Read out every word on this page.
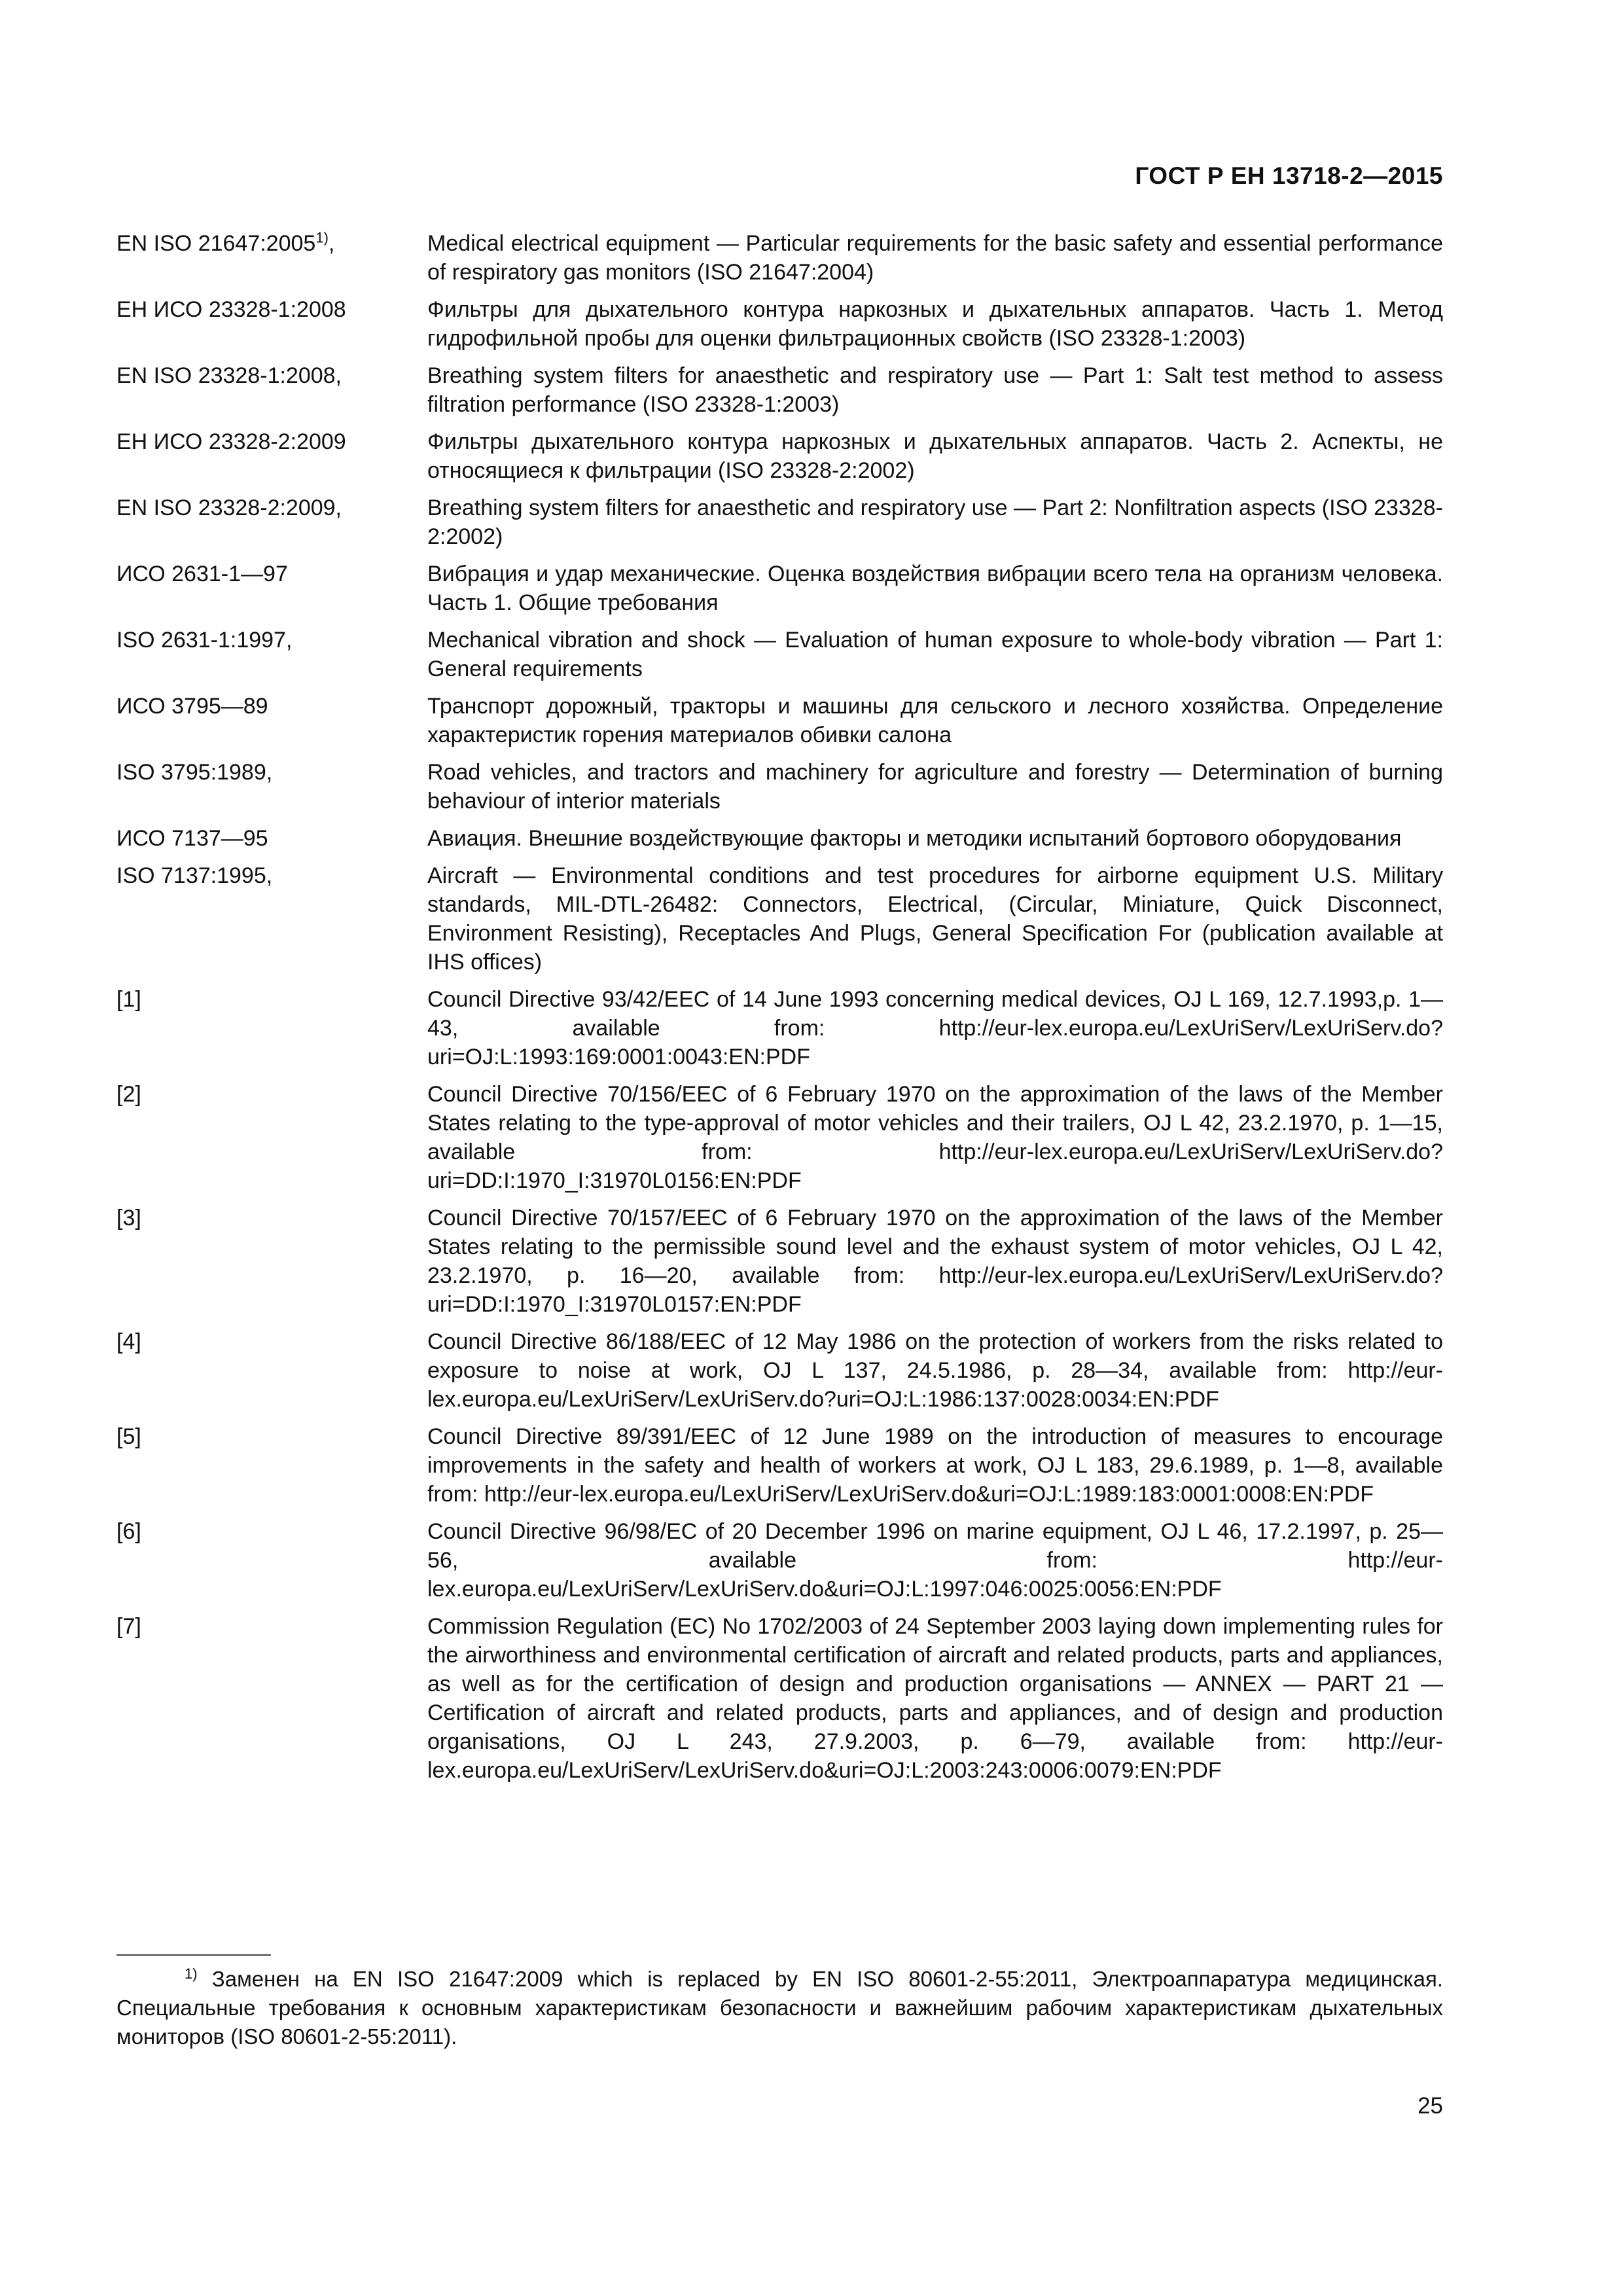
ГОСТ Р ЕН 13718-2—2015
EN ISO 21647:2005$^{1)}$,	Medical electrical equipment — Particular requirements for the basic safety and essential performance of respiratory gas monitors (ISO 21647:2004)
ЕН ИСО 23328-1:2008	Фильтры для дыхательного контура наркозных и дыхательных аппаратов. Часть 1. Метод гидрофильной пробы для оценки фильтрационных свойств (ISO 23328-1:2003)
EN ISO 23328-1:2008,	Breathing system filters for anaesthetic and respiratory use — Part 1: Salt test method to assess filtration performance (ISO 23328-1:2003)
ЕН ИСО 23328-2:2009	Фильтры дыхательного контура наркозных и дыхательных аппаратов. Часть 2. Аспекты, не относящиеся к фильтрации (ISO 23328-2:2002)
EN ISO 23328-2:2009,	Breathing system filters for anaesthetic and respiratory use — Part 2: Nonfiltration aspects (ISO 23328-2:2002)
ИСО 2631-1—97	Вибрация и удар механические. Оценка воздействия вибрации всего тела на организм человека. Часть 1. Общие требования
ISO 2631-1:1997,	Mechanical vibration and shock — Evaluation of human exposure to whole-body vibration — Part 1: General requirements
ИСО 3795—89	Транспорт дорожный, тракторы и машины для сельского и лесного хозяйства. Определение характеристик горения материалов обивки салона
ISO 3795:1989,	Road vehicles, and tractors and machinery for agriculture and forestry — Determination of burning behaviour of interior materials
ИСО 7137—95	Авиация. Внешние воздействующие факторы и методики испытаний бортового оборудования
ISO 7137:1995,	Aircraft — Environmental conditions and test procedures for airborne equipment U.S. Military standards, MIL-DTL-26482: Connectors, Electrical, (Circular, Miniature, Quick Disconnect, Environment Resisting), Receptacles And Plugs, General Specification For (publication available at IHS offices)
[1]	Council Directive 93/42/EEC of 14 June 1993 concerning medical devices, OJ L 169, 12.7.1993,p. 1—43, available from: http://eur-lex.europa.eu/LexUriServ/LexUriServ.do?uri=OJ:L:1993:169:0001:0043:EN:PDF
[2]	Council Directive 70/156/EEC of 6 February 1970 on the approximation of the laws of the Member States relating to the type-approval of motor vehicles and their trailers, OJ L 42, 23.2.1970, p. 1—15, available from: http://eur-lex.europa.eu/LexUriServ/LexUriServ.do?uri=DD:I:1970_I:31970L0156:EN:PDF
[3]	Council Directive 70/157/EEC of 6 February 1970 on the approximation of the laws of the Member States relating to the permissible sound level and the exhaust system of motor vehicles, OJ L 42, 23.2.1970, p. 16—20, available from: http://eur-lex.europa.eu/LexUriServ/LexUriServ.do?uri=DD:I:1970_I:31970L0157:EN:PDF
[4]	Council Directive 86/188/EEC of 12 May 1986 on the protection of workers from the risks related to exposure to noise at work, OJ L 137, 24.5.1986, p. 28—34, available from: http://eur-lex.europa.eu/LexUriServ/LexUriServ.do?uri=OJ:L:1986:137:0028:0034:EN:PDF
[5]	Council Directive 89/391/EEC of 12 June 1989 on the introduction of measures to encourage improvements in the safety and health of workers at work, OJ L 183, 29.6.1989, p. 1—8, available from: http://eur-lex.europa.eu/LexUriServ/LexUriServ.do&uri=OJ:L:1989:183:0001:0008:EN:PDF
[6]	Council Directive 96/98/EC of 20 December 1996 on marine equipment, OJ L 46, 17.2.1997, p. 25—56, available from: http://eur-lex.europa.eu/LexUriServ/LexUriServ.do&uri=OJ:L:1997:046:0025:0056:EN:PDF
[7]	Commission Regulation (EC) No 1702/2003 of 24 September 2003 laying down implementing rules for the airworthiness and environmental certification of aircraft and related products, parts and appliances, as well as for the certification of design and production organisations — ANNEX — PART 21 — Certification of aircraft and related products, parts and appliances, and of design and production organisations, OJ L 243, 27.9.2003, p. 6—79, available from: http://eur-lex.europa.eu/LexUriServ/LexUriServ.do&uri=OJ:L:2003:243:0006:0079:EN:PDF
$^{1)}$ Заменен на EN ISO 21647:2009 which is replaced by EN ISO 80601-2-55:2011, Электроаппаратура медицинская. Специальные требования к основным характеристикам безопасности и важнейшим рабочим характеристикам дыхательных мониторов (ISO 80601-2-55:2011).
25
